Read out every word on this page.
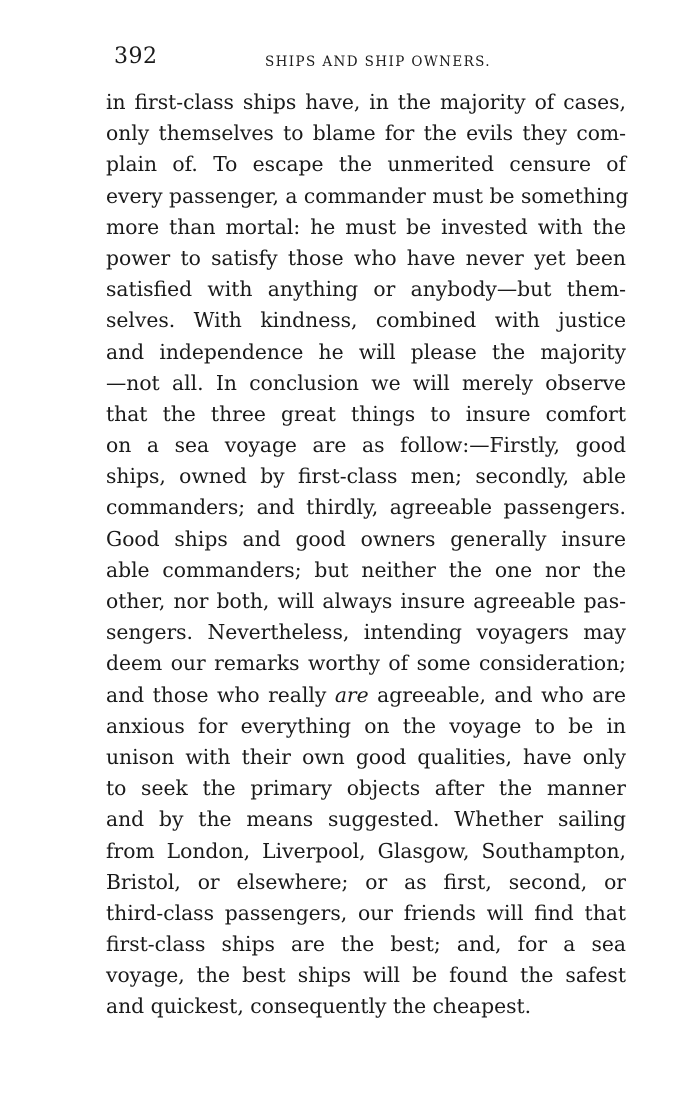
392	SHIPS AND SHIP OWNERS.
in first-class ships have, in the majority of cases,
only themselves to blame for the evils they com-
plain of. To escape the unmerited censure of
every passenger, a commander must be something
more than mortal: he must be invested with the
power to satisfy those who have never yet been
satisfied with anything or anybody—but them-
selves. With kindness, combined with justice
and independence he will please the majority
—not all. In conclusion we will merely observe
that the three great things to insure comfort
on a sea voyage are as follow:—Firstly, good
ships, owned by first-class men; secondly, able
commanders; and thirdly, agreeable passengers.
Good ships and good owners generally insure
able commanders; but neither the one nor the
other, nor both, will always insure agreeable pas-
sengers. Nevertheless, intending voyagers may
deem our remarks worthy of some consideration;
and those who really are agreeable, and who are
anxious for everything on the voyage to be in
unison with their own good qualities, have only
to seek the primary objects after the manner
and by the means suggested. Whether sailing
from London, Liverpool, Glasgow, Southampton,
Bristol, or elsewhere; or as first, second, or
third-class passengers, our friends will find that
first-class ships are the best; and, for a sea
voyage, the best ships will be found the safest
and quickest, consequently the cheapest.
